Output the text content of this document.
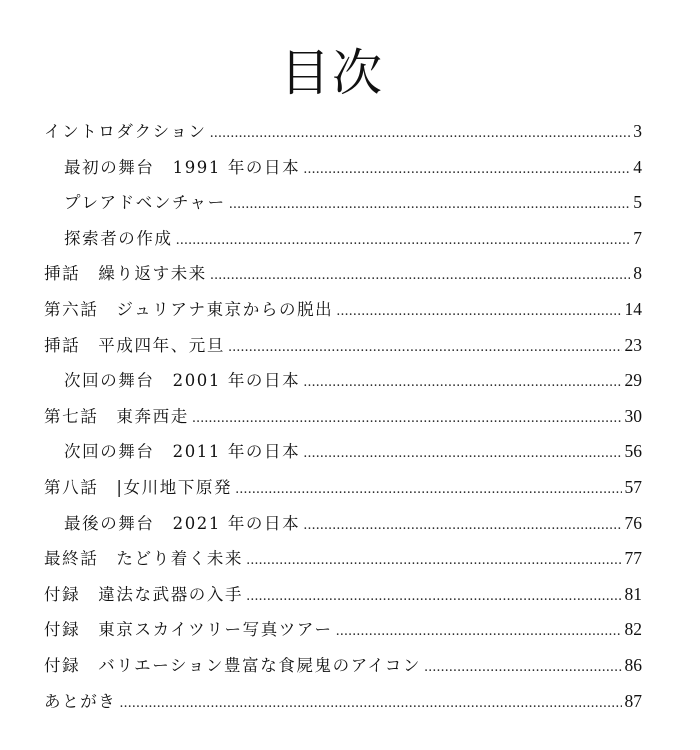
目次
イントロダクション .....	3
最初の舞台　1991 年の日本 .....	4
プレアドベンチャー .....	5
探索者の作成 .....	7
挿話　繰り返す未来 .....	8
第六話　ジュリアナ東京からの脱出 .....	14
挿話　平成四年、元旦 .....	23
次回の舞台　2001 年の日本 .....	29
第七話　東奔西走 .....	30
次回の舞台　2011 年の日本 .....	56
第八話　|女川地下原発 .....	57
最後の舞台　2021 年の日本 .....	76
最終話　たどり着く未来 .....	77
付録　違法な武器の入手 .....	81
付録　東京スカイツリー写真ツアー .....	82
付録　バリエーション豊富な食屍鬼のアイコン .....	86
あとがき .....	87
